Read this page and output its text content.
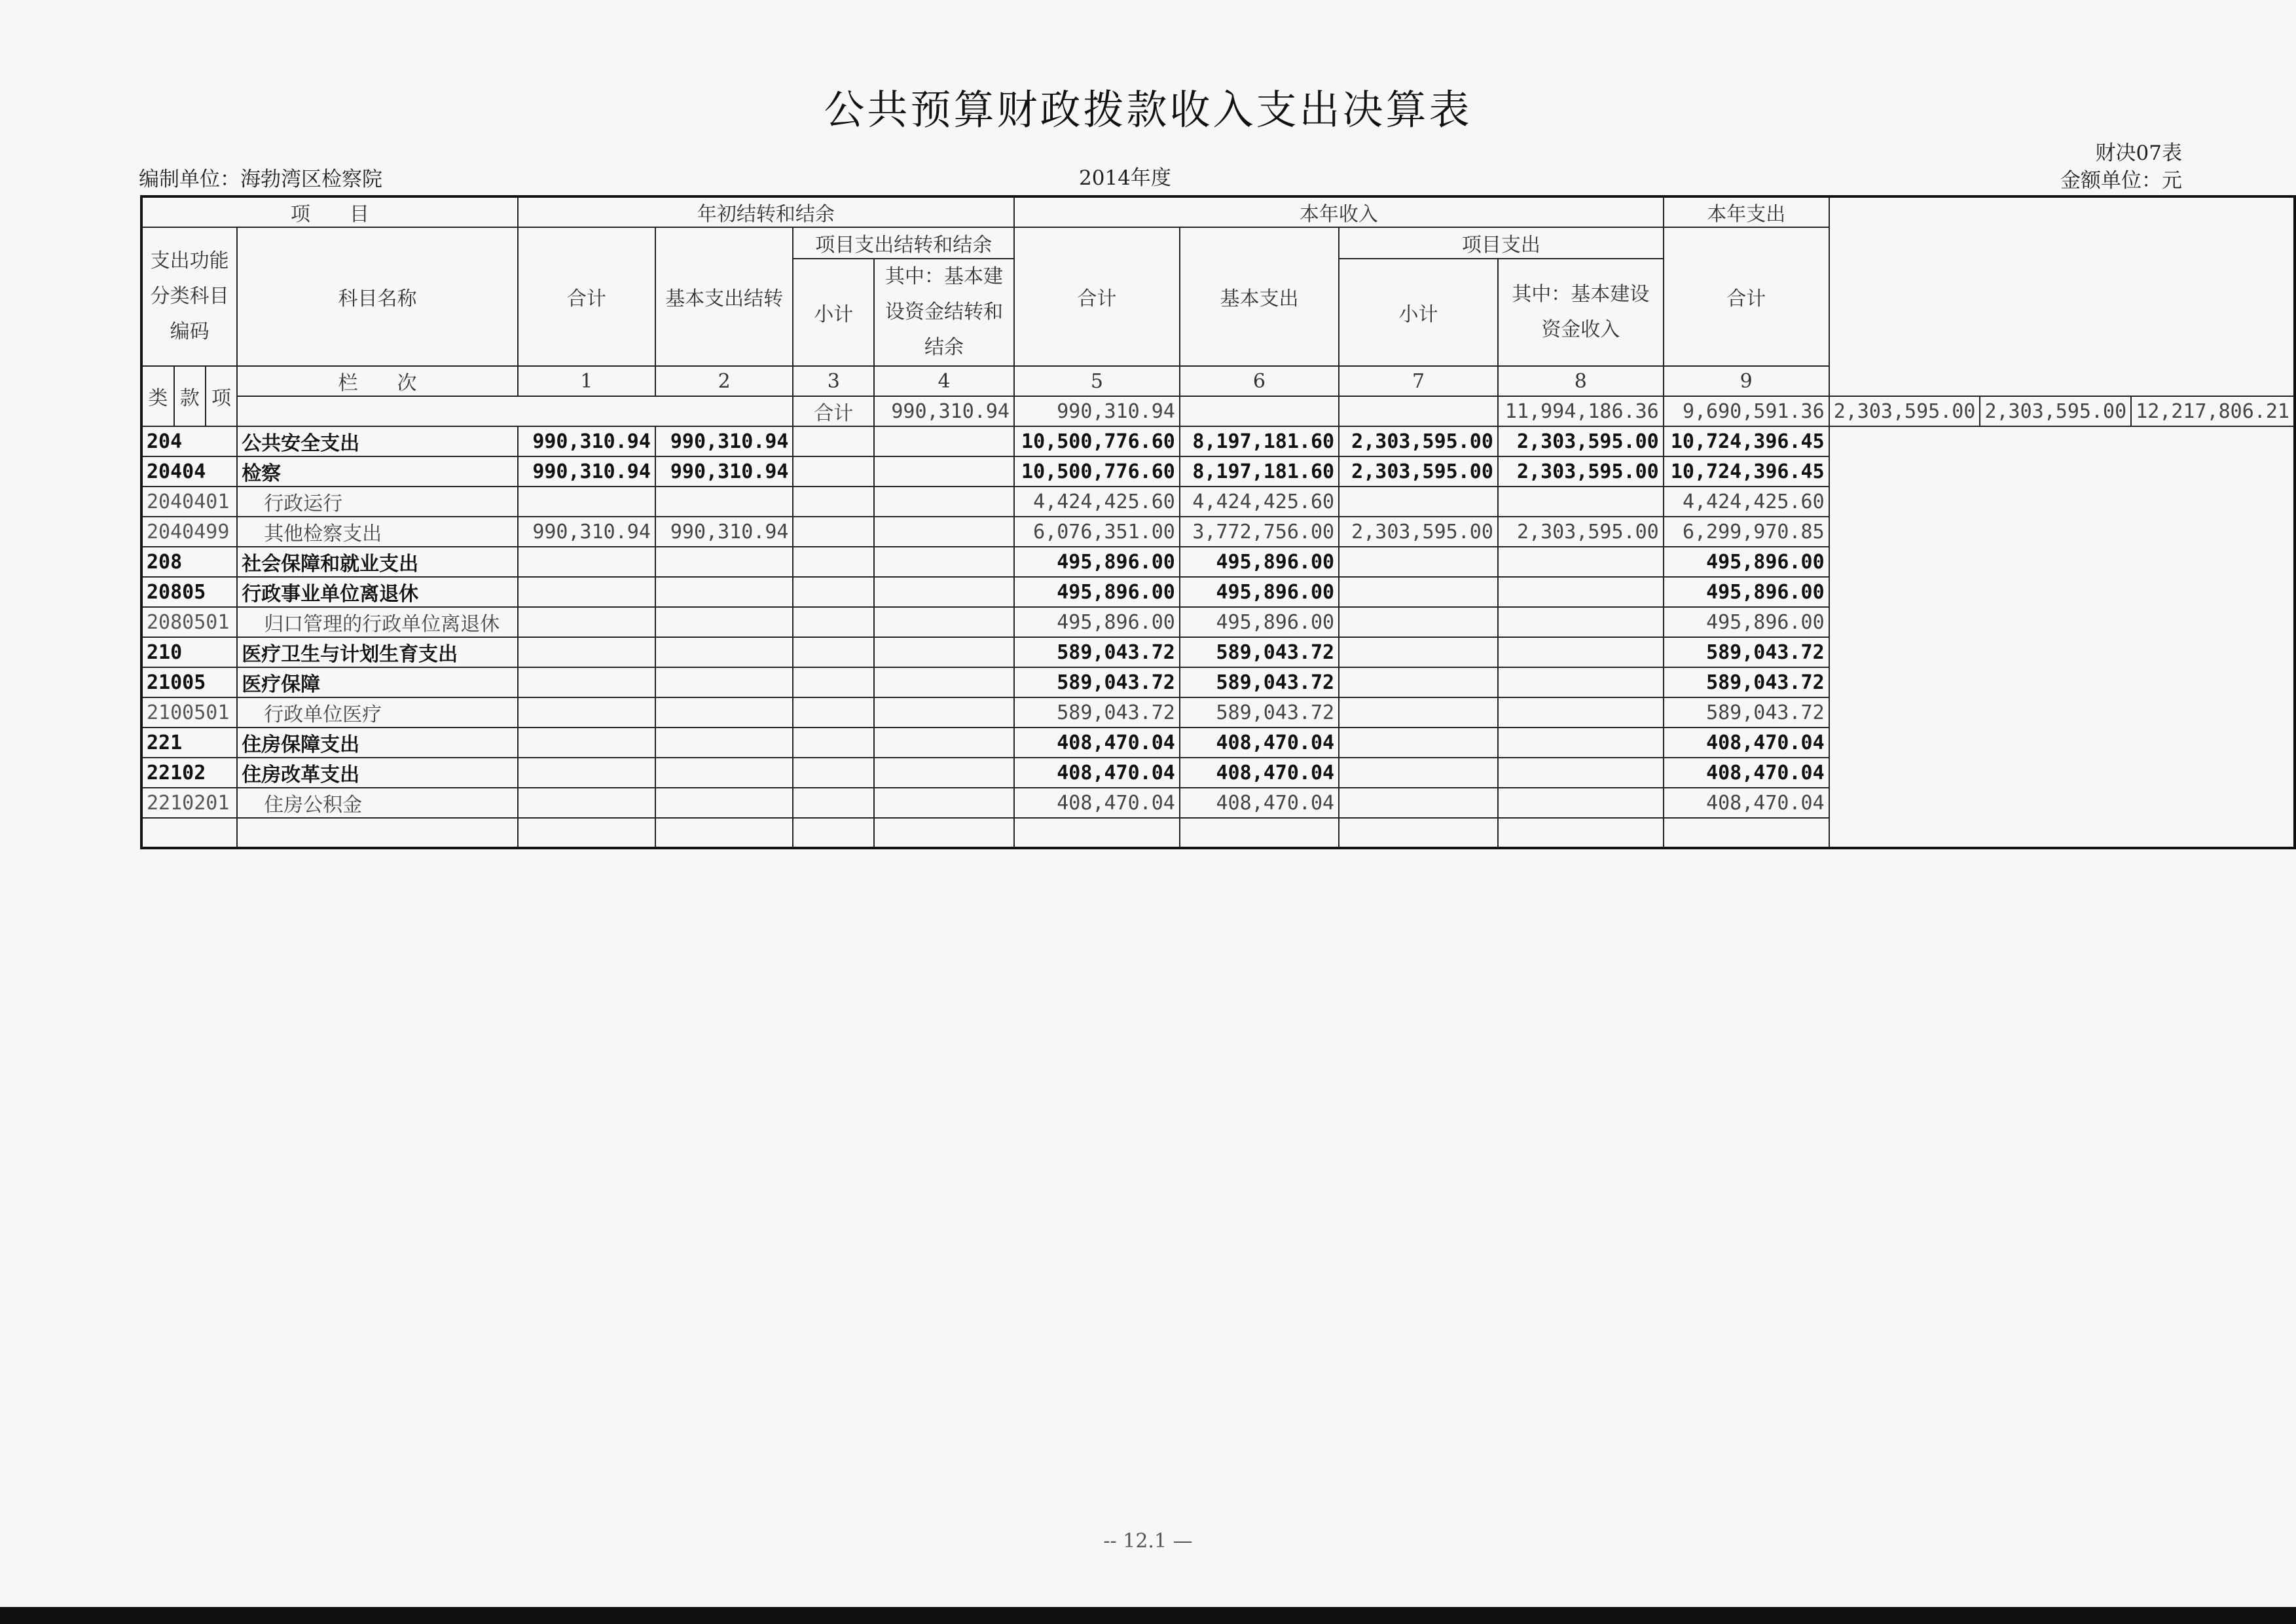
公共预算财政拨款收入支出决算表
编制单位：海勃湾区检察院	2014年度
财决07表
金额单位：元
项　　目				年初结转和结余				本年收入				本年支出			
支出功能分类科目编码			科目名称	合计	基本支出结转	项目支出结转和结余		合计	基本支出	项目支出		合计			
						小计	其中：基本建设资金结转和结余			小计	其中：基本建设资金收入				
类	款	项	栏　　次	1	2	3	4	5	6	7	8	9			
						合计	990,310.94	990,310.94			11,994,186.36	9,690,591.36	2,303,595.00	2,303,595.00	12,217,806.21
204			公共安全支出	990,310.94	990,310.94			10,500,776.60	8,197,181.60	2,303,595.00	2,303,595.00	10,724,396.45			
20404			检察	990,310.94	990,310.94			10,500,776.60	8,197,181.60	2,303,595.00	2,303,595.00	10,724,396.45			
2040401			行政运行					4,424,425.60	4,424,425.60			4,424,425.60			
2040499			其他检察支出	990,310.94	990,310.94			6,076,351.00	3,772,756.00	2,303,595.00	2,303,595.00	6,299,970.85			
208			社会保障和就业支出					495,896.00	495,896.00			495,896.00			
20805			行政事业单位离退休					495,896.00	495,896.00			495,896.00			
2080501			归口管理的行政单位离退休					495,896.00	495,896.00			495,896.00			
210			医疗卫生与计划生育支出					589,043.72	589,043.72			589,043.72			
21005			医疗保障					589,043.72	589,043.72			589,043.72			
2100501			行政单位医疗					589,043.72	589,043.72			589,043.72			
221			住房保障支出					408,470.04	408,470.04			408,470.04			
22102			住房改革支出					408,470.04	408,470.04			408,470.04			
2210201			住房公积金					408,470.04	408,470.04			408,470.04			

-- 12.1 —
